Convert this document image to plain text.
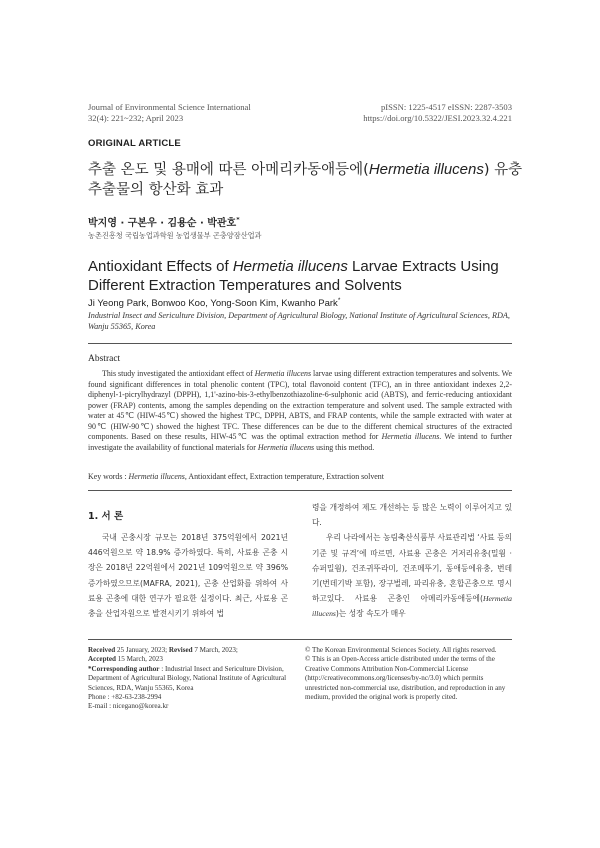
Journal of Environmental Science International
32(4): 221~232; April 2023
pISSN: 1225-4517 eISSN: 2287-3503
https://doi.org/10.5322/JESI.2023.32.4.221
ORIGINAL ARTICLE
추출 온도 및 용매에 따른 아메리카동애등에(Hermetia illucens) 유충
추출물의 항산화 효과
박지영 · 구본우 · 김용순 · 박관호*
농촌진흥청 국립농업과학원 농업생물부 곤충양잠산업과
Antioxidant Effects of Hermetia illucens Larvae Extracts Using
Different Extraction Temperatures and Solvents
Ji Yeong Park, Bonwoo Koo, Yong-Soon Kim, Kwanho Park*
Industrial Insect and Sericulture Division, Department of Agricultural Biology, National Institute of Agricultural Sciences, RDA, Wanju 55365, Korea
Abstract
This study investigated the antioxidant effect of Hermetia illucens larvae using different extraction temperatures and solvents. We found significant differences in total phenolic content (TPC), total flavonoid content (TFC), an in three antioxidant indexes 2,2-diphenyl-1-picrylhydrazyl (DPPH), 1,1'-azino-bis-3-ethylbenzothiazoline-6-sulphonic acid (ABTS), and ferric-reducing antioxidant power (FRAP) contents, among the samples depending on the extraction temperature and solvent used. The sample extracted with water at 45℃ (HIW-45℃) showed the highest TPC, DPPH, ABTS, and FRAP contents, while the sample extracted with water at 90℃ (HIW-90℃) showed the highest TFC. These differences can be due to the different chemical structures of the extracted components. Based on these results, HIW-45℃ was the optimal extraction method for Hermetia illucens. We intend to further investigate the availability of functional materials for Hermetia illucens using this method.
Key words : Hermetia illucens, Antioxidant effect, Extraction temperature, Extraction solvent
1. 서 론
국내 곤충시장 규모는 2018년 375억원에서 2021년 446억원으로 약 18.9% 증가하였다. 특히, 사료용 곤충 시장은 2018년 22억원에서 2021년 109억원으로 약 396% 증가하였으므로(MAFRA, 2021), 곤충 산업화를 위하여 사료용 곤충에 대한 연구가 필요한 실정이다. 최근, 사료용 곤충을 산업자원으로 발전시키기 위하여 법
령을 개정하여 제도 개선하는 등 많은 노력이 이루어지고 있다.
우리 나라에서는 농림축산식품부 사료관리법 ‘사료 등의 기준 및 규격’에 따르면, 사료용 곤충은 거저리유충(밀웜 · 슈퍼밀웜), 건조귀뚜라미, 건조메뚜기, 동애등에유충, 번데기(번데기박 포함), 장구벌레, 파리유충, 혼합곤충으로 명시하고있다. 사료용 곤충인 아메리카동애등에(Hermetia illucens)는 성장 속도가 매우
Received 25 January, 2023; Revised 7 March, 2023;
Accepted 15 March, 2023
*Corresponding author : Industrial Insect and Sericulture Division, Department of Agricultural Biology, National Institute of Agricultural Sciences, RDA, Wanju 55365, Korea
Phone : +82-63-238-2994
E-mail : nicegano@korea.kr
© The Korean Environmental Sciences Society. All rights reserved.
© This is an Open-Access article distributed under the terms of the Creative Commons Attribution Non-Commercial License (http://creativecommons.org/licenses/by-nc/3.0) which permits unrestricted non-commercial use, distribution, and reproduction in any medium, provided the original work is properly cited.
